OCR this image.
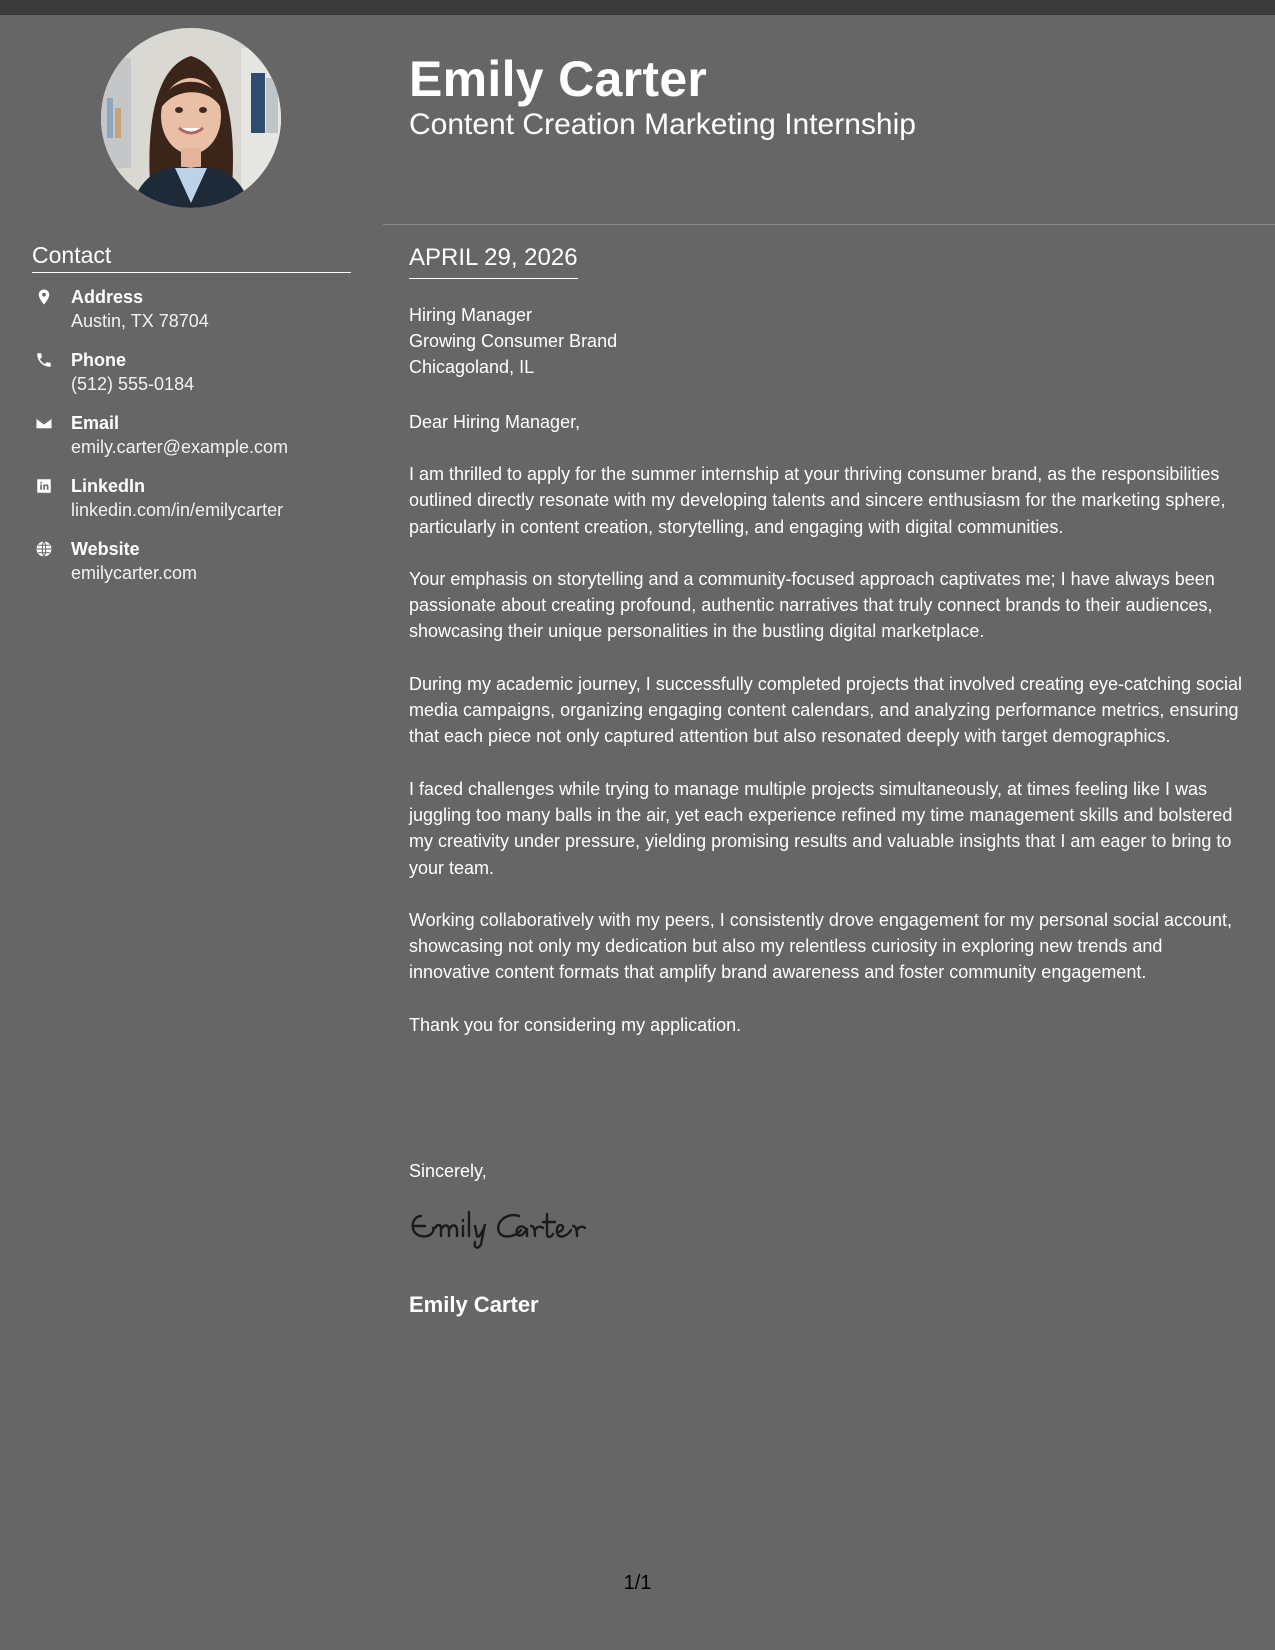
Contact
Address
Austin, TX 78704
Phone
(512) 555-0184
Email
emily.carter@example.com
LinkedIn
linkedin.com/in/emilycarter
Website
emilycarter.com
Emily Carter
Content Creation Marketing Internship
APRIL 29, 2026
Hiring Manager
Growing Consumer Brand
Chicagoland, IL
Dear Hiring Manager,

I am thrilled to apply for the summer internship at your thriving consumer brand, as the responsibilities outlined directly resonate with my developing talents and sincere enthusiasm for the marketing sphere, particularly in content creation, storytelling, and engaging with digital communities.

Your emphasis on storytelling and a community-focused approach captivates me; I have always been passionate about creating profound, authentic narratives that truly connect brands to their audiences, showcasing their unique personalities in the bustling digital marketplace.

During my academic journey, I successfully completed projects that involved creating eye-catching social media campaigns, organizing engaging content calendars, and analyzing performance metrics, ensuring that each piece not only captured attention but also resonated deeply with target demographics.

I faced challenges while trying to manage multiple projects simultaneously, at times feeling like I was juggling too many balls in the air, yet each experience refined my time management skills and bolstered my creativity under pressure, yielding promising results and valuable insights that I am eager to bring to your team.

Working collaboratively with my peers, I consistently drove engagement for my personal social account, showcasing not only my dedication but also my relentless curiosity in exploring new trends and innovative content formats that amplify brand awareness and foster community engagement.

Thank you for considering my application.

Sincerely,
Emily Carter
1/1
